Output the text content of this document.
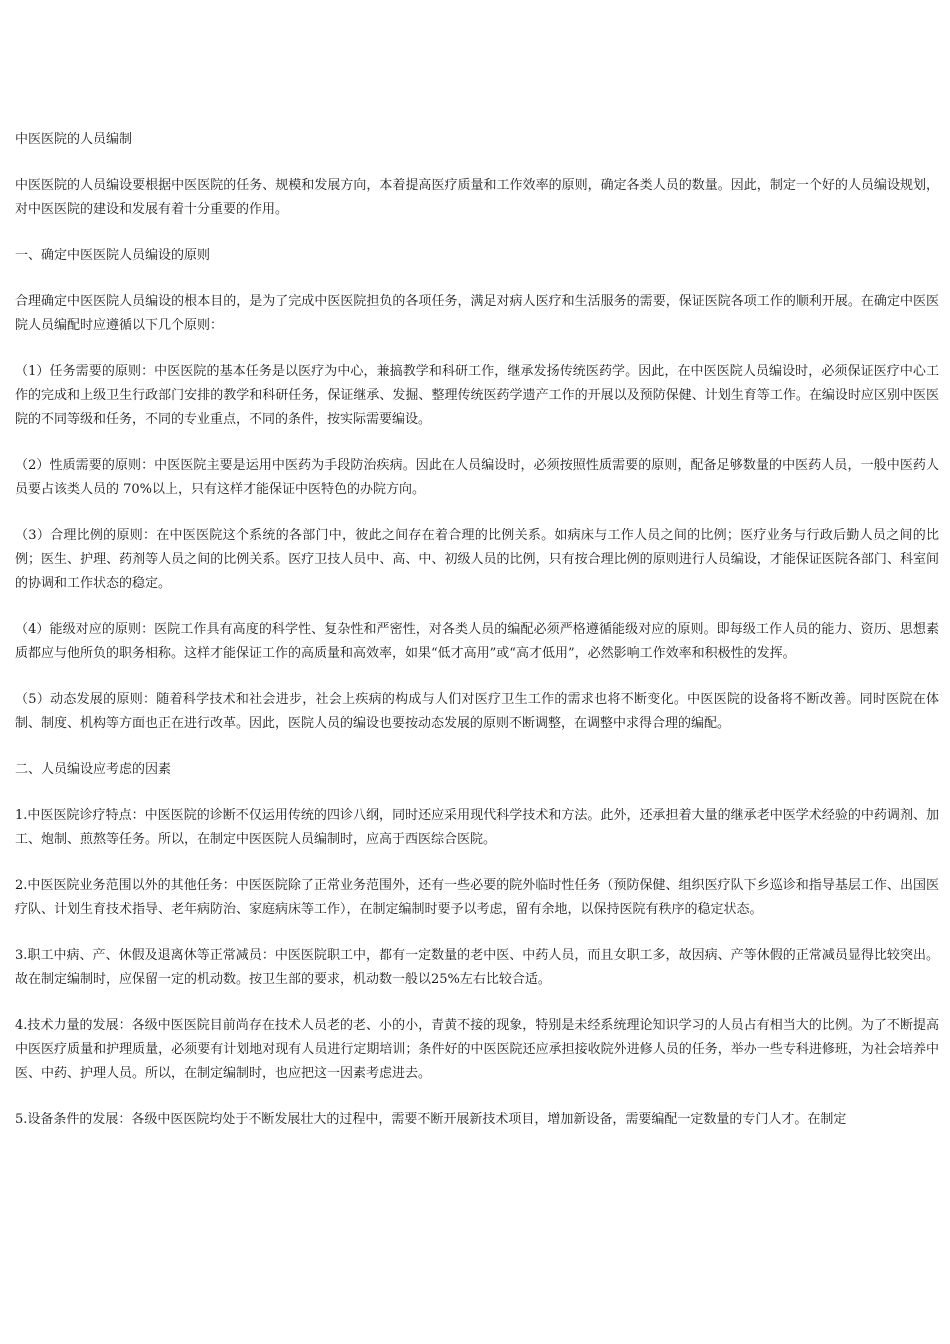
中医医院的人员编制

中医医院的人员编设要根据中医医院的任务、规模和发展方向，本着提高医疗质量和工作效率的原则，确定各类人员的数量。因此，制定一个好的人员编设规划，对中医医院的建设和发展有着十分重要的作用。

一、确定中医医院人员编设的原则

合理确定中医医院人员编设的根本目的，是为了完成中医医院担负的各项任务，满足对病人医疗和生活服务的需要，保证医院各项工作的顺利开展。在确定中医医院人员编配时应遵循以下几个原则：

（1）任务需要的原则：中医医院的基本任务是以医疗为中心，兼搞教学和科研工作，继承发扬传统医药学。因此，在中医医院人员编设时，必须保证医疗中心工作的完成和上级卫生行政部门安排的教学和科研任务，保证继承、发掘、整理传统医药学遗产工作的开展以及预防保健、计划生育等工作。在编设时应区别中医医院的不同等级和任务，不同的专业重点，不同的条件，按实际需要编设。

（2）性质需要的原则：中医医院主要是运用中医药为手段防治疾病。因此在人员编设时，必须按照性质需要的原则，配备足够数量的中医药人员，一般中医药人员要占该类人员的 70%以上，只有这样才能保证中医特色的办院方向。

（3）合理比例的原则：在中医医院这个系统的各部门中，彼此之间存在着合理的比例关系。如病床与工作人员之间的比例；医疗业务与行政后勤人员之间的比例；医生、护理、药剂等人员之间的比例关系。医疗卫技人员中、高、中、初级人员的比例，只有按合理比例的原则进行人员编设，才能保证医院各部门、科室间的协调和工作状态的稳定。

（4）能级对应的原则：医院工作具有高度的科学性、复杂性和严密性，对各类人员的编配必须严格遵循能级对应的原则。即每级工作人员的能力、资历、思想素质都应与他所负的职务相称。这样才能保证工作的高质量和高效率，如果“低才高用”或“高才低用”，必然影响工作效率和积极性的发挥。

（5）动态发展的原则：随着科学技术和社会进步，社会上疾病的构成与人们对医疗卫生工作的需求也将不断变化。中医医院的设备将不断改善。同时医院在体制、制度、机构等方面也正在进行改革。因此，医院人员的编设也要按动态发展的原则不断调整，在调整中求得合理的编配。

二、人员编设应考虑的因素

1.中医医院诊疗特点：中医医院的诊断不仅运用传统的四诊八纲，同时还应采用现代科学技术和方法。此外，还承担着大量的继承老中医学术经验的中药调剂、加工、炮制、煎熬等任务。所以，在制定中医医院人员编制时，应高于西医综合医院。

2.中医医院业务范围以外的其他任务：中医医院除了正常业务范围外，还有一些必要的院外临时性任务（预防保健、组织医疗队下乡巡诊和指导基层工作、出国医疗队、计划生育技术指导、老年病防治、家庭病床等工作），在制定编制时要予以考虑，留有余地，以保持医院有秩序的稳定状态。

3.职工中病、产、休假及退离休等正常减员：中医医院职工中，都有一定数量的老中医、中药人员，而且女职工多，故因病、产等休假的正常减员显得比较突出。故在制定编制时，应保留一定的机动数。按卫生部的要求，机动数一般以25%左右比较合适。

4.技术力量的发展：各级中医医院目前尚存在技术人员老的老、小的小，青黄不接的现象，特别是未经系统理论知识学习的人员占有相当大的比例。为了不断提高中医医疗质量和护理质量，必须要有计划地对现有人员进行定期培训；条件好的中医医院还应承担接收院外进修人员的任务，举办一些专科进修班，为社会培养中医、中药、护理人员。所以，在制定编制时，也应把这一因素考虑进去。

5.设备条件的发展：各级中医医院均处于不断发展壮大的过程中，需要不断开展新技术项目，增加新设备，需要编配一定数量的专门人才。在制定
